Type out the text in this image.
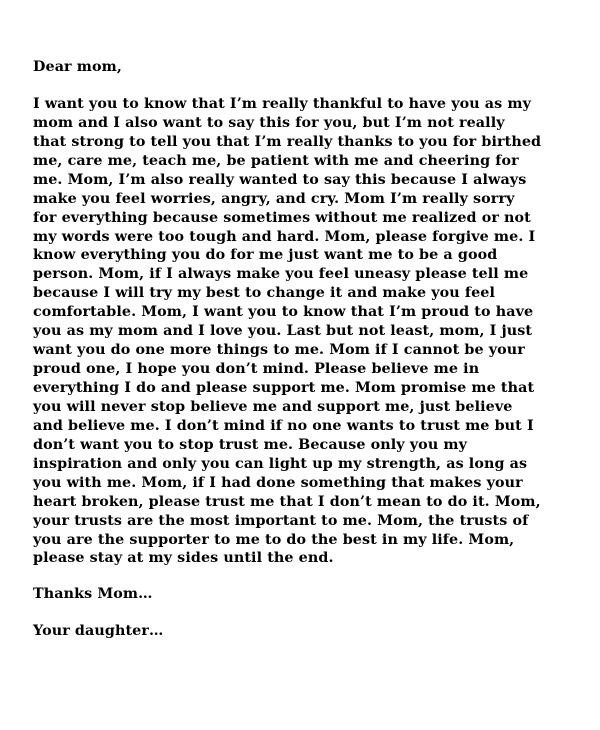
Dear mom,

I want you to know that I’m really thankful to have you as my
mom and I also want to say this for you, but I’m not really
that strong to tell you that I’m really thanks to you for birthed
me, care me, teach me, be patient with me and cheering for
me. Mom, I’m also really wanted to say this because I always
make you feel worries, angry, and cry. Mom I’m really sorry
for everything because sometimes without me realized or not
my words were too tough and hard. Mom, please forgive me. I
know everything you do for me just want me to be a good
person. Mom, if I always make you feel uneasy please tell me
because I will try my best to change it and make you feel
comfortable. Mom, I want you to know that I’m proud to have
you as my mom and I love you. Last but not least, mom, I just
want you do one more things to me. Mom if I cannot be your
proud one, I hope you don’t mind. Please believe me in
everything I do and please support me. Mom promise me that
you will never stop believe me and support me, just believe
and believe me. I don’t mind if no one wants to trust me but I
don’t want you to stop trust me. Because only you my
inspiration and only you can light up my strength, as long as
you with me. Mom, if I had done something that makes your
heart broken, please trust me that I don’t mean to do it. Mom,
your trusts are the most important to me. Mom, the trusts of
you are the supporter to me to do the best in my life. Mom,
please stay at my sides until the end.

Thanks Mom…

Your daughter…
